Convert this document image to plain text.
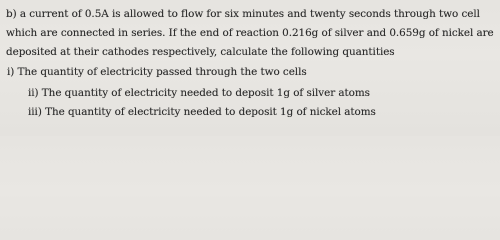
b) a current of 0.5A is allowed to flow for six minutes and twenty seconds through two cell
which are connected in series. If the end of reaction 0.216g of silver and 0.659g of nickel are
deposited at their cathodes respectively, calculate the following quantities
i) The quantity of electricity passed through the two cells
ii) The quantity of electricity needed to deposit 1g of silver atoms
iii) The quantity of electricity needed to deposit 1g of nickel atoms
